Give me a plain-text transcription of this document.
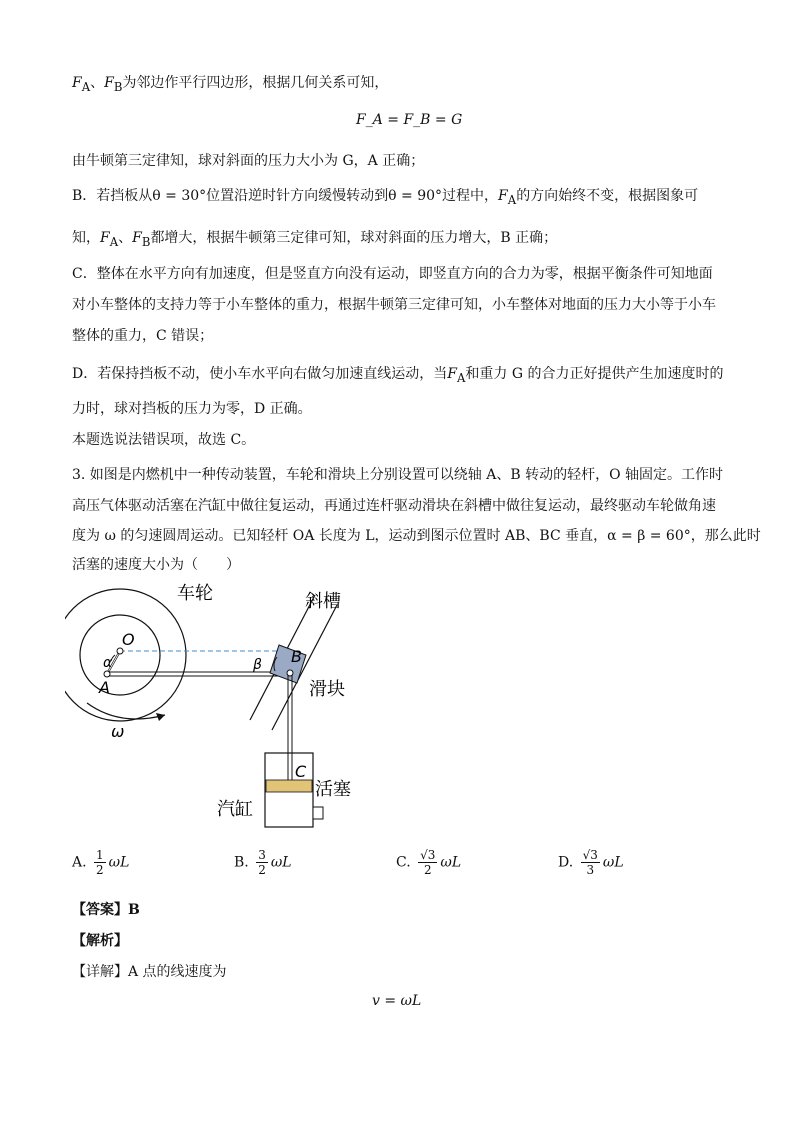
$F_A$、$F_B$为邻边作平行四边形，根据几何关系可知，
F_A = F_B = G
由牛顿第三定律知，球对斜面的压力大小为 G，A 正确；
B．若挡板从θ = 30°位置沿逆时针方向缓慢转动到θ = 90°过程中，$F_A$的方向始终不变，根据图象可
知，$F_A$、$F_B$都增大，根据牛顿第三定律可知，球对斜面的压力增大，B 正确；
C．整体在水平方向有加速度，但是竖直方向没有运动，即竖直方向的合力为零，根据平衡条件可知地面
对小车整体的支持力等于小车整体的重力，根据牛顿第三定律可知，小车整体对地面的压力大小等于小车
整体的重力，C 错误；
D．若保持挡板不动，使小车水平向右做匀加速直线运动，当$F_A$和重力 G 的合力正好提供产生加速度时的
力时，球对挡板的压力为零，D 正确。
本题选说法错误项，故选 C。
3. 如图是内燃机中一种传动装置，车轮和滑块上分别设置可以绕轴 A、B 转动的轻杆，O 轴固定。工作时
高压气体驱动活塞在汽缸中做往复运动，再通过连杆驱动滑块在斜槽中做往复运动，最终驱动车轮做角速
度为 ω 的匀速圆周运动。已知轻杆 OA 长度为 L，运动到图示位置时 AB、BC 垂直，α = β = 60°，那么此时
活塞的速度大小为（　　）
车轮	斜槽
滑块
活塞
汽缸
O
A
B
C
α	β
ω
A. $\frac{1}{2}$ ωL	B. $\frac{3}{2}$ ωL	C. $\frac{√3}{2}$ ωL	D. $\frac{√3}{3}$ ωL
【答案】B
【解析】
【详解】A 点的线速度为
v = ωL
